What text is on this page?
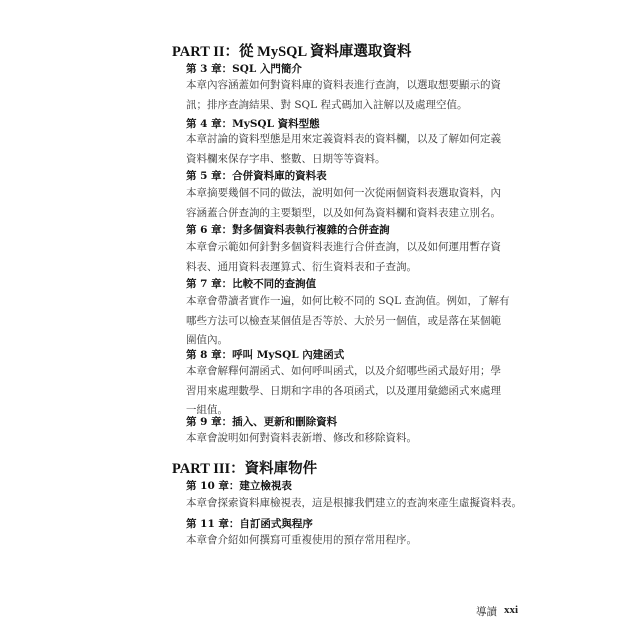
PART II：從 MySQL 資料庫選取資料
第 3 章：SQL 入門簡介
本章內容涵蓋如何對資料庫的資料表進行查詢，以選取想要顯示的資
訊；排序查詢結果、對 SQL 程式碼加入註解以及處理空值。
第 4 章：MySQL 資料型態
本章討論的資料型態是用來定義資料表的資料欄，以及了解如何定義
資料欄來保存字串、整數、日期等等資料。
第 5 章：合併資料庫的資料表
本章摘要幾個不同的做法，說明如何一次從兩個資料表選取資料，內
容涵蓋合併查詢的主要類型，以及如何為資料欄和資料表建立別名。
第 6 章：對多個資料表執行複雜的合併查詢
本章會示範如何針對多個資料表進行合併查詢，以及如何運用暫存資
料表、通用資料表運算式、衍生資料表和子查詢。
第 7 章：比較不同的查詢值
本章會帶讀者實作一遍，如何比較不同的 SQL 查詢值。例如，了解有
哪些方法可以檢查某個值是否等於、大於另一個值，或是落在某個範
圍值內。
第 8 章：呼叫 MySQL 內建函式
本章會解釋何謂函式、如何呼叫函式，以及介紹哪些函式最好用；學
習用來處理數學、日期和字串的各項函式，以及運用彙總函式來處理
一組值。
第 9 章：插入、更新和刪除資料
本章會說明如何對資料表新增、修改和移除資料。
PART III：資料庫物件
第 10 章：建立檢視表
本章會探索資料庫檢視表，這是根據我們建立的查詢來產生虛擬資料表。
第 11 章：自訂函式與程序
本章會介紹如何撰寫可重複使用的預存常用程序。
導讀 xxi
